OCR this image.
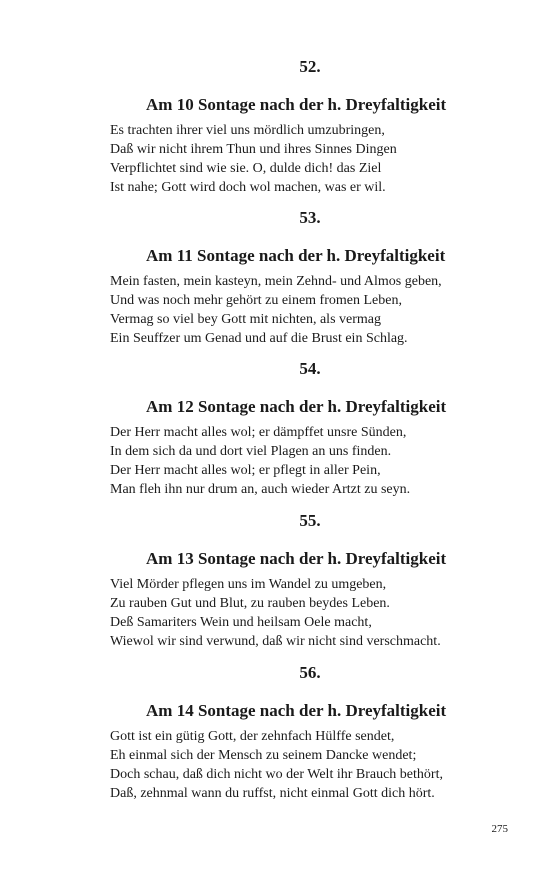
52.
Am 10 Sontage nach der h. Dreyfaltigkeit
Es trachten ihrer viel uns mördlich umzubringen,
Daß wir nicht ihrem Thun und ihres Sinnes Dingen
Verpflichtet sind wie sie. O, dulde dich! das Ziel
Ist nahe; Gott wird doch wol machen, was er wil.
53.
Am 11 Sontage nach der h. Dreyfaltigkeit
Mein fasten, mein kasteyn, mein Zehnd- und Almos geben,
Und was noch mehr gehört zu einem fromen Leben,
Vermag so viel bey Gott mit nichten, als vermag
Ein Seuffzer um Genad und auf die Brust ein Schlag.
54.
Am 12 Sontage nach der h. Dreyfaltigkeit
Der Herr macht alles wol; er dämpffet unsre Sünden,
In dem sich da und dort viel Plagen an uns finden.
Der Herr macht alles wol; er pflegt in aller Pein,
Man fleh ihn nur drum an, auch wieder Artzt zu seyn.
55.
Am 13 Sontage nach der h. Dreyfaltigkeit
Viel Mörder pflegen uns im Wandel zu umgeben,
Zu rauben Gut und Blut, zu rauben beydes Leben.
Deß Samariters Wein und heilsam Oele macht,
Wiewol wir sind verwund, daß wir nicht sind verschmacht.
56.
Am 14 Sontage nach der h. Dreyfaltigkeit
Gott ist ein gütig Gott, der zehnfach Hülffe sendet,
Eh einmal sich der Mensch zu seinem Dancke wendet;
Doch schau, daß dich nicht wo der Welt ihr Brauch bethört,
Daß, zehnmal wann du ruffst, nicht einmal Gott dich hört.
275
